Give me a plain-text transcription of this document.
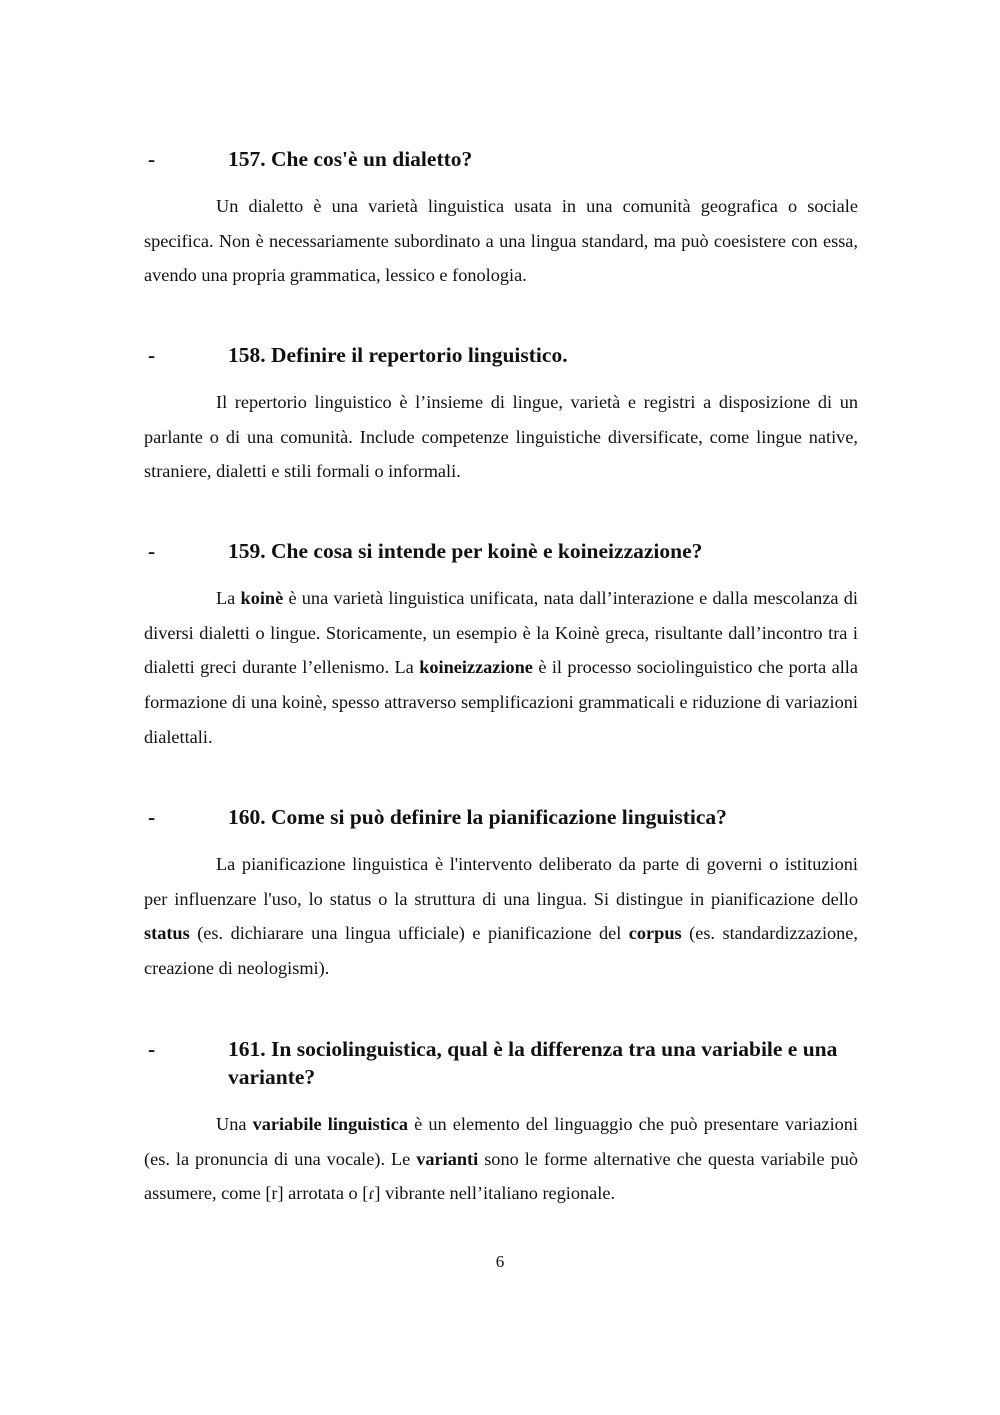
-	157. Che cos'è un dialetto?
Un dialetto è una varietà linguistica usata in una comunità geografica o sociale specifica. Non è necessariamente subordinato a una lingua standard, ma può coesistere con essa, avendo una propria grammatica, lessico e fonologia.
-	158. Definire il repertorio linguistico.
Il repertorio linguistico è l’insieme di lingue, varietà e registri a disposizione di un parlante o di una comunità. Include competenze linguistiche diversificate, come lingue native, straniere, dialetti e stili formali o informali.
-	159. Che cosa si intende per koinè e koineizzazione?
La koinè è una varietà linguistica unificata, nata dall’interazione e dalla mescolanza di diversi dialetti o lingue. Storicamente, un esempio è la Koinè greca, risultante dall’incontro tra i dialetti greci durante l’ellenismo. La koineizzazione è il processo sociolinguistico che porta alla formazione di una koinè, spesso attraverso semplificazioni grammaticali e riduzione di variazioni dialettali.
-	160. Come si può definire la pianificazione linguistica?
La pianificazione linguistica è l'intervento deliberato da parte di governi o istituzioni per influenzare l'uso, lo status o la struttura di una lingua. Si distingue in pianificazione dello status (es. dichiarare una lingua ufficiale) e pianificazione del corpus (es. standardizzazione, creazione di neologismi).
-	161. In sociolinguistica, qual è la differenza tra una variabile e una variante?
Una variabile linguistica è un elemento del linguaggio che può presentare variazioni (es. la pronuncia di una vocale). Le varianti sono le forme alternative che questa variabile può assumere, come [r] arrotata o [ɾ] vibrante nell’italiano regionale.
6
